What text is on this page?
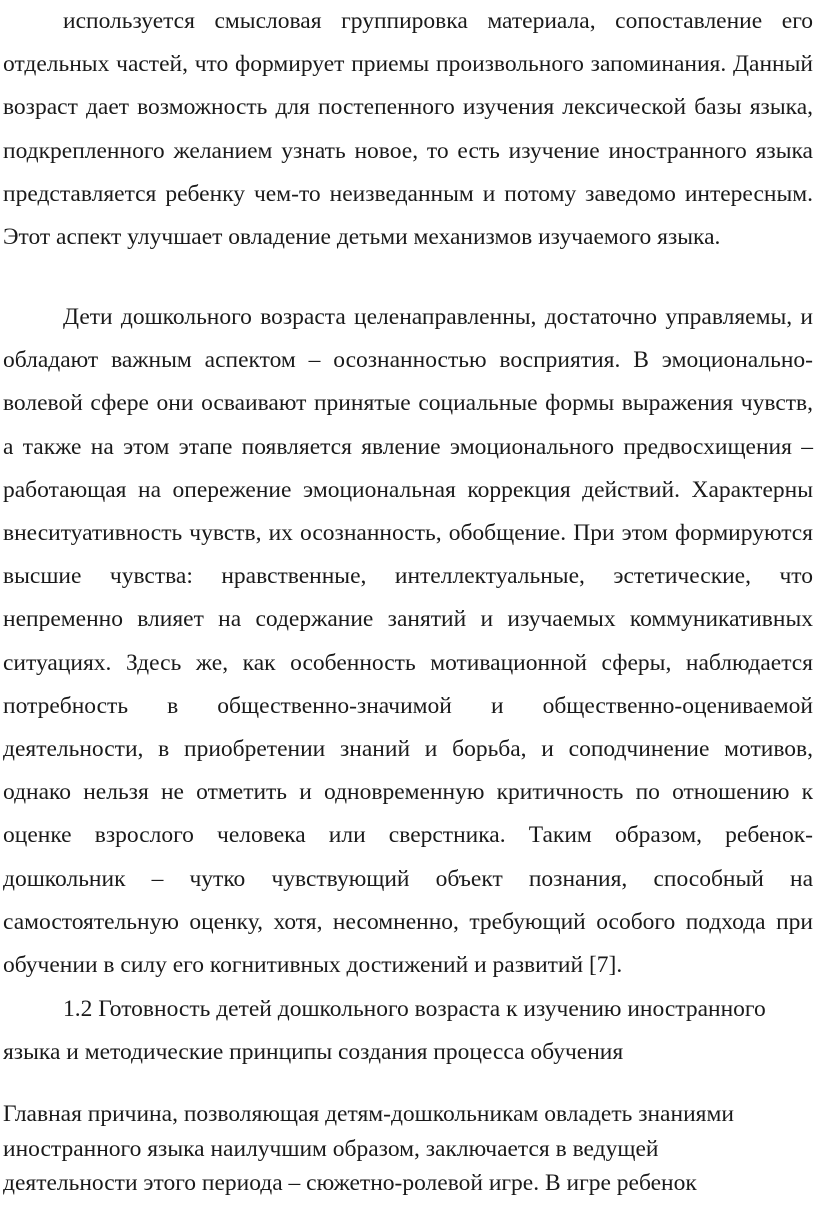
используется смысловая группировка материала, сопоставление его отдельных частей, что формирует приемы произвольного запоминания. Данный возраст дает возможность для постепенного изучения лексической базы языка, подкрепленного желанием узнать новое, то есть изучение иностранного языка представляется ребенку чем-то неизведанным и потому заведомо интересным. Этот аспект улучшает овладение детьми механизмов изучаемого языка.

Дети дошкольного возраста целенаправленны, достаточно управляемы, и обладают важным аспектом – осознанностью восприятия. В эмоционально-волевой сфере они осваивают принятые социальные формы выражения чувств, а также на этом этапе появляется явление эмоционального предвосхищения – работающая на опережение эмоциональная коррекция действий. Характерны внеситуативность чувств, их осознанность, обобщение. При этом формируются высшие чувства: нравственные, интеллектуальные, эстетические, что непременно влияет на содержание занятий и изучаемых коммуникативных ситуациях. Здесь же, как особенность мотивационной сферы, наблюдается потребность в общественно-значимой и общественно-оцениваемой деятельности, в приобретении знаний и борьба, и соподчинение мотивов, однако нельзя не отметить и одновременную критичность по отношению к оценке взрослого человека или сверстника. Таким образом, ребенок-дошкольник – чутко чувствующий объект познания, способный на самостоятельную оценку, хотя, несомненно, требующий особого подхода при обучении в силу его когнитивных достижений и развитий [7].

1.2 Готовность детей дошкольного возраста к изучению иностранного языка и методические принципы создания процесса обучения

Главная причина, позволяющая детям-дошкольникам овладеть знаниями иностранного языка наилучшим образом, заключается в ведущей деятельности этого периода – сюжетно-ролевой игре. В игре ребенок
